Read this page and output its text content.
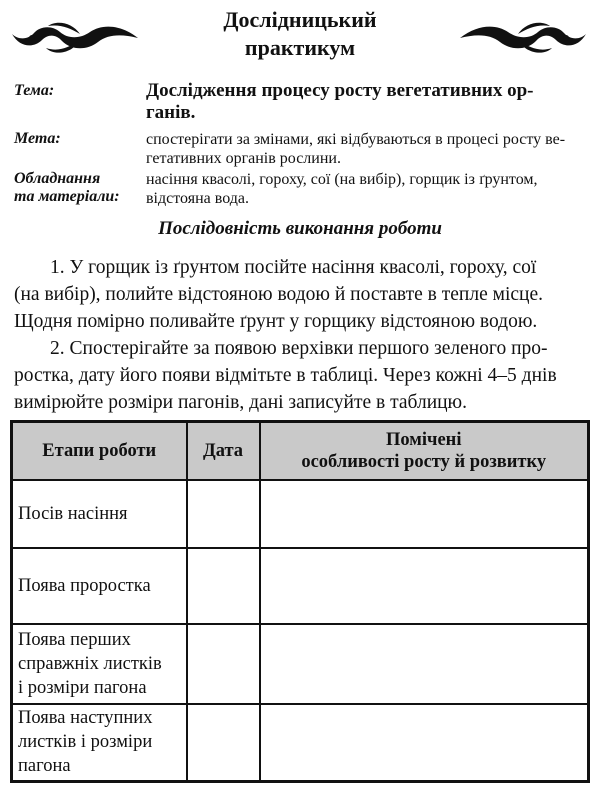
Дослідницький
практикум
Тема:	Дослідження процесу росту вегетативних ор-
ганів.
Мета:	спостерігати за змінами, які відбуваються в процесі росту ве-
гетативних органів рослини.
Обладнання
та матеріали:
насіння квасолі, гороху, сої (на вибір), горщик із ґрунтом,
відстояна вода.
Послідовність виконання роботи
1. У горщик із ґрунтом посійте насіння квасолі, гороху, сої
(на вибір), полийте відстояною водою й поставте в тепле місце.
Щодня помірно поливайте ґрунт у горщику відстояною водою.
2. Спостерігайте за появою верхівки першого зеленого про-
ростка, дату його появи відмітьте в таблиці. Через кожні 4–5 днів
вимірюйте розміри пагонів, дані записуйте в таблицю.
Етапи роботи	Дата	Помічені
особливості росту й розвитку

Посів насіння		
Поява проростка		

Поява перших
справжніх листків
і розміри пагона		

Поява наступних
листків і розміри
пагона		
